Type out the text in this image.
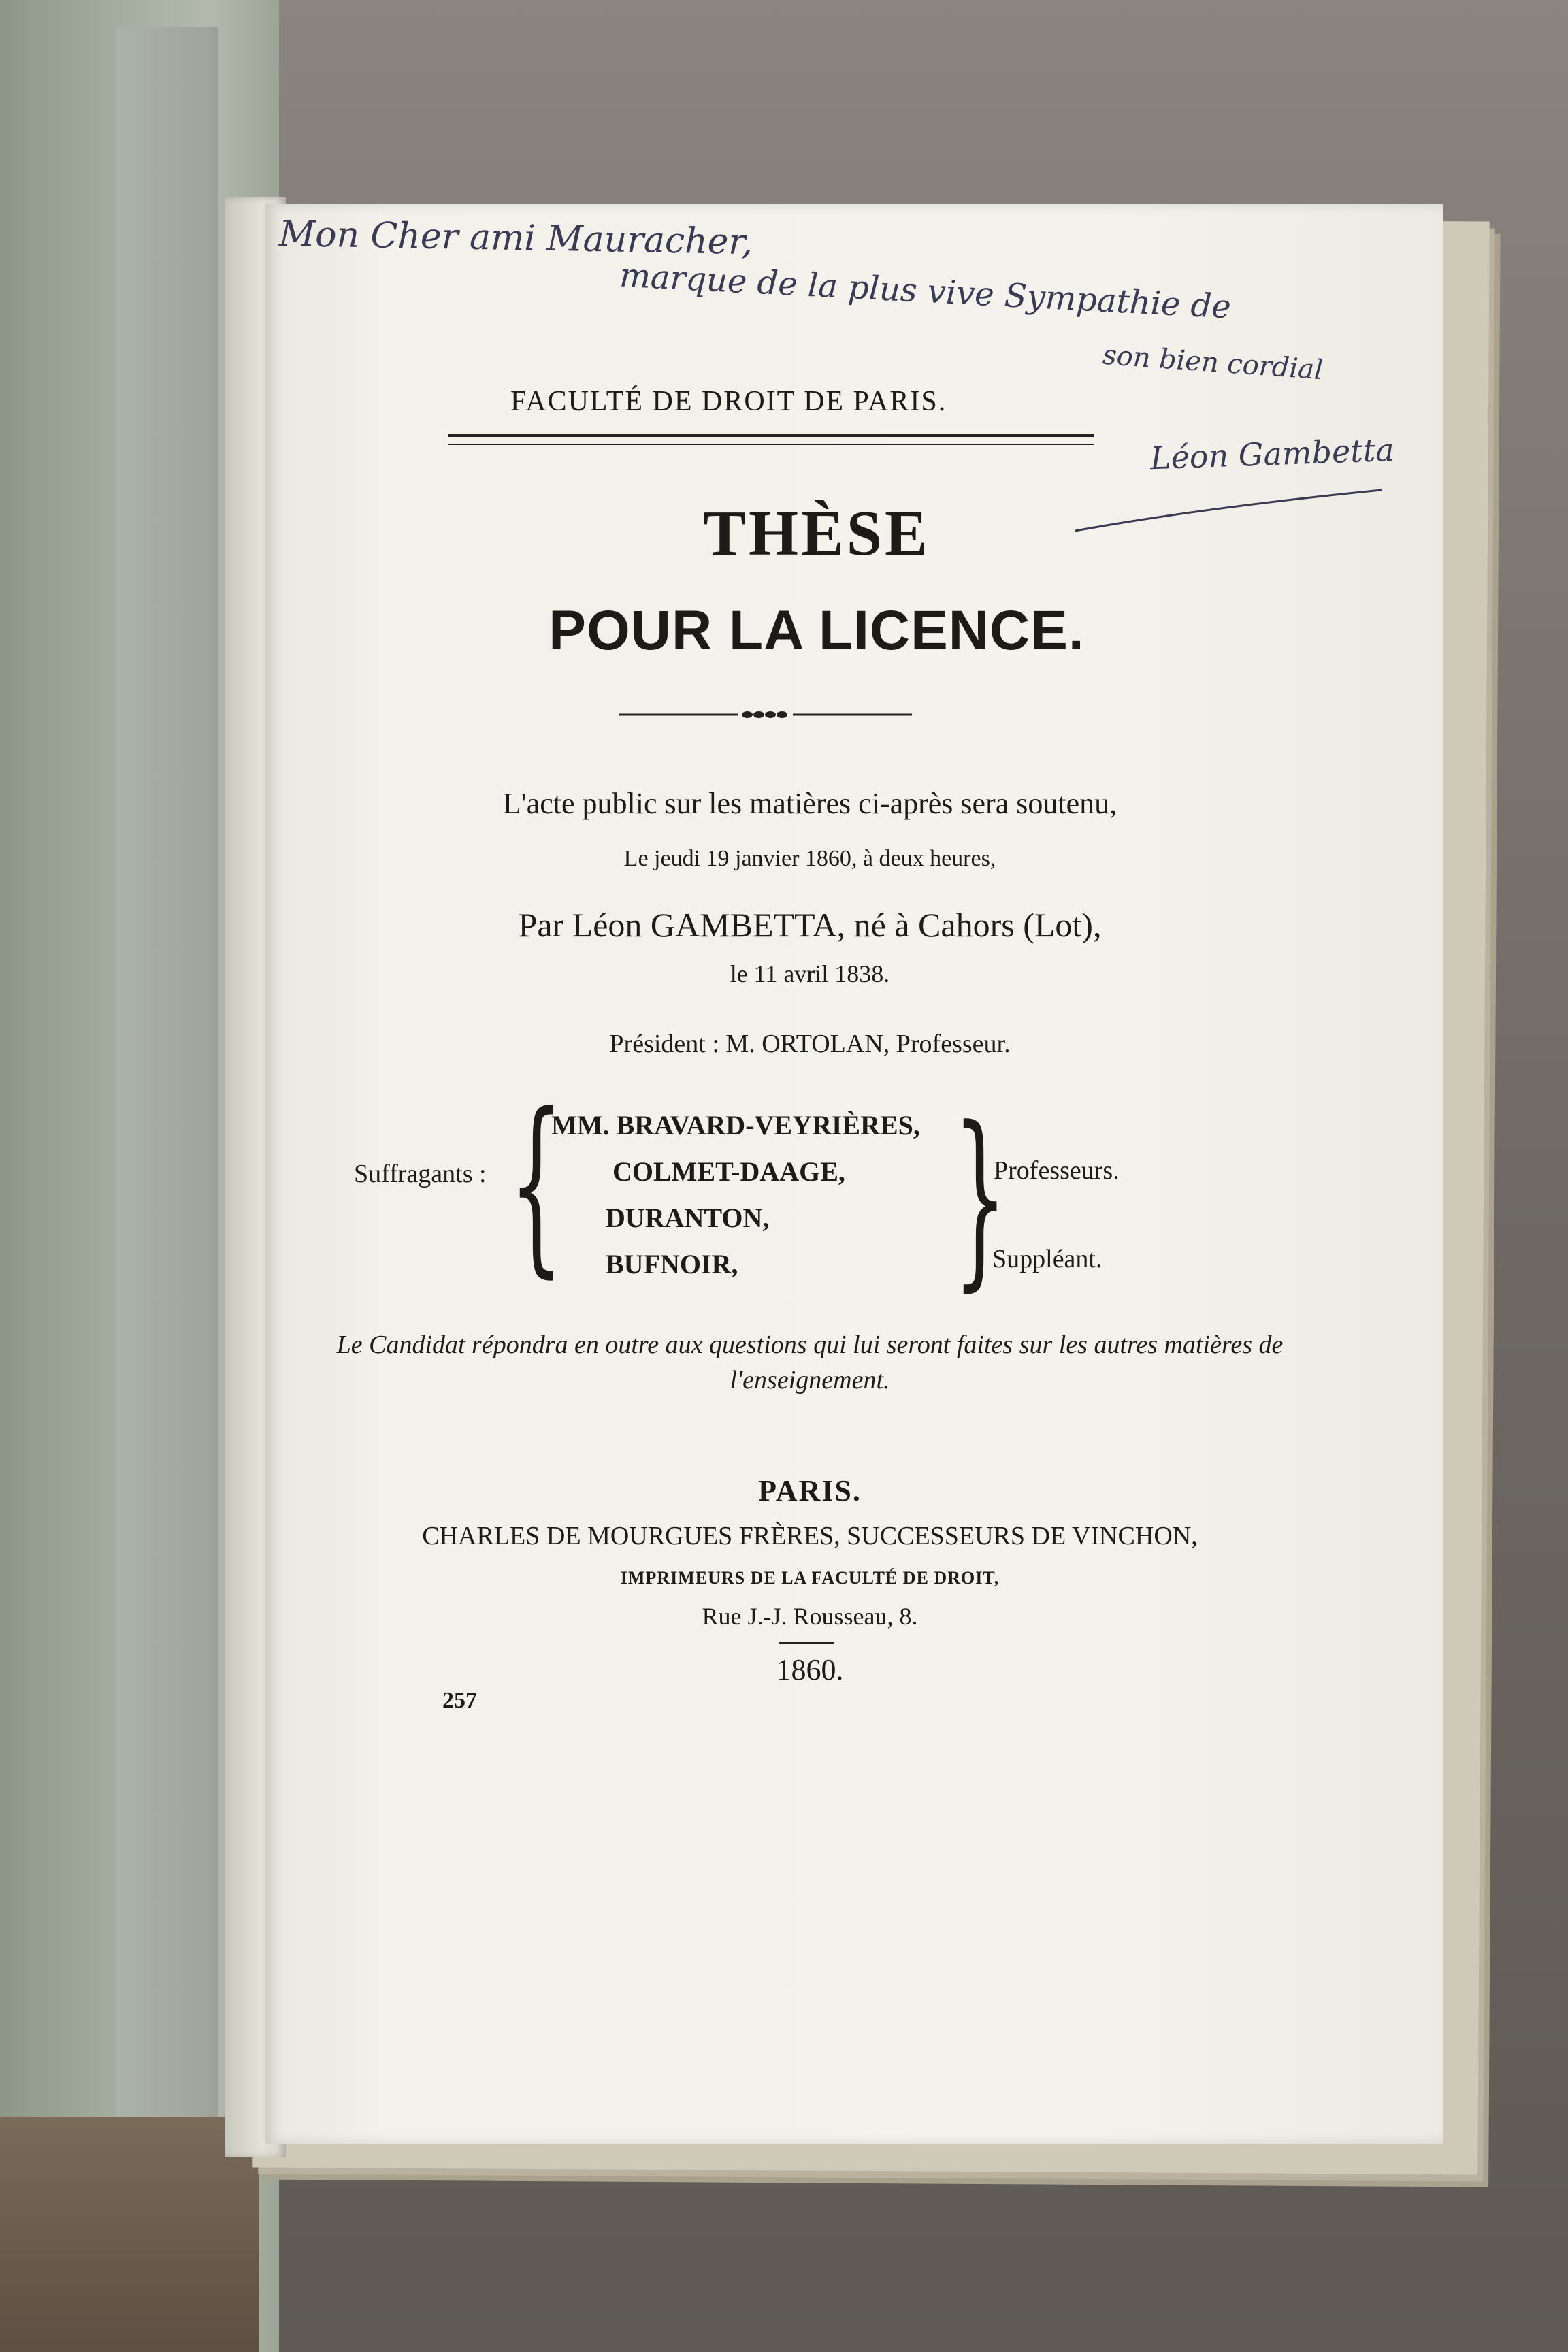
Mon Cher ami Mauracher,
marque de la plus vive Sympathie de
son bien cordial
Léon Gambetta
FACULTÉ DE DROIT DE PARIS.
THÈSE
POUR LA LICENCE.
L'acte public sur les matières ci-après sera soutenu,
Le jeudi 19 janvier 1860, à deux heures,
Par Léon GAMBETTA, né à Cahors (Lot),
le 11 avril 1838.
Président : M. ORTOLAN, Professeur.
Suffragants : {
MM. BRAVARD-VEYRIÈRES,
COLMET-DAAGE,
DURANTON,
BUFNOIR,	}
Professeurs.
Suppléant.
Le Candidat répondra en outre aux questions qui lui seront faites sur les autres matières de l'enseignement.
PARIS.
CHARLES DE MOURGUES FRÈRES, SUCCESSEURS DE VINCHON,
IMPRIMEURS DE LA FACULTÉ DE DROIT,
Rue J.-J. Rousseau, 8.
1860.
257
